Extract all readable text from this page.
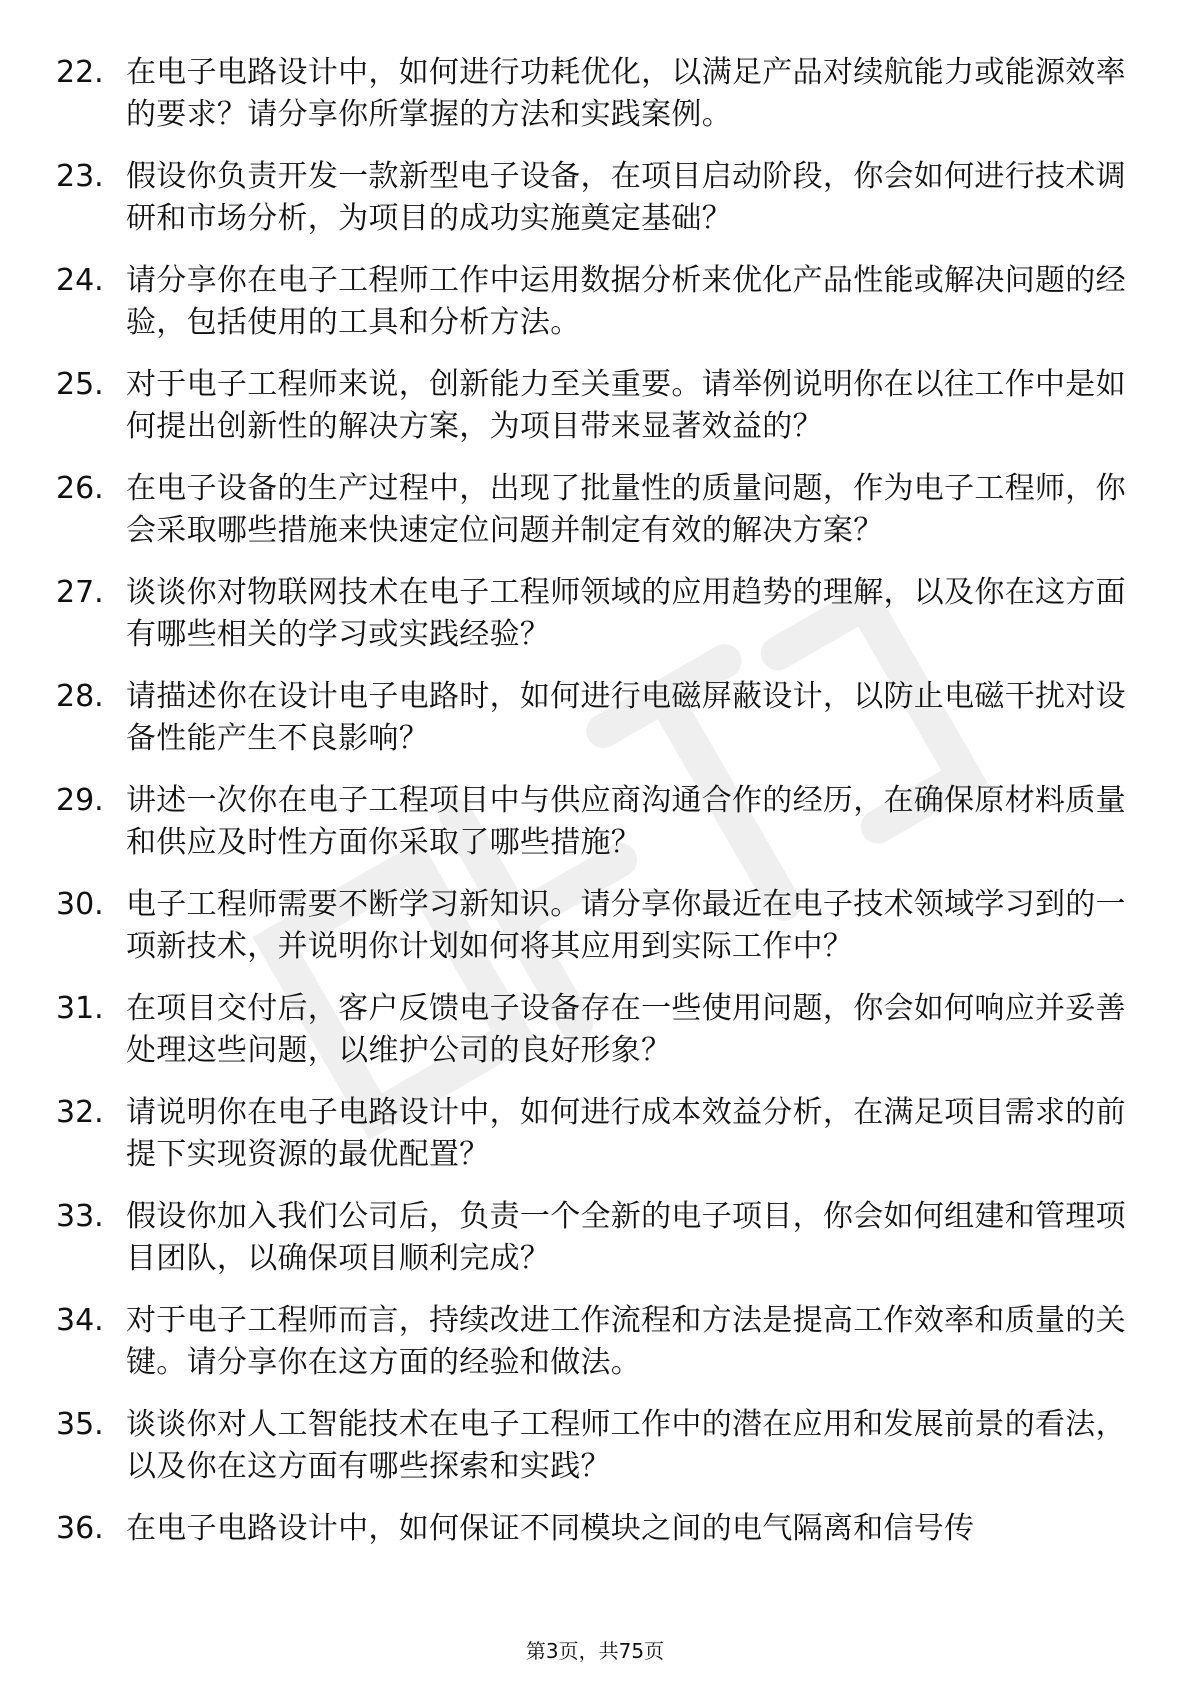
22. 在电子电路设计中，如何进行功耗优化，以满足产品对续航能力或能源效率的要求？请分享你所掌握的方法和实践案例。
23. 假设你负责开发一款新型电子设备，在项目启动阶段，你会如何进行技术调研和市场分析，为项目的成功实施奠定基础？
24. 请分享你在电子工程师工作中运用数据分析来优化产品性能或解决问题的经验，包括使用的工具和分析方法。
25. 对于电子工程师来说，创新能力至关重要。请举例说明你在以往工作中是如何提出创新性的解决方案，为项目带来显著效益的？
26. 在电子设备的生产过程中，出现了批量性的质量问题，作为电子工程师，你会采取哪些措施来快速定位问题并制定有效的解决方案？
27. 谈谈你对物联网技术在电子工程师领域的应用趋势的理解，以及你在这方面有哪些相关的学习或实践经验？
28. 请描述你在设计电子电路时，如何进行电磁屏蔽设计，以防止电磁干扰对设备性能产生不良影响？
29. 讲述一次你在电子工程项目中与供应商沟通合作的经历，在确保原材料质量和供应及时性方面你采取了哪些措施？
30. 电子工程师需要不断学习新知识。请分享你最近在电子技术领域学习到的一项新技术，并说明你计划如何将其应用到实际工作中？
31. 在项目交付后，客户反馈电子设备存在一些使用问题，你会如何响应并妥善处理这些问题，以维护公司的良好形象？
32. 请说明你在电子电路设计中，如何进行成本效益分析，在满足项目需求的前提下实现资源的最优配置？
33. 假设你加入我们公司后，负责一个全新的电子项目，你会如何组建和管理项目团队，以确保项目顺利完成？
34. 对于电子工程师而言，持续改进工作流程和方法是提高工作效率和质量的关键。请分享你在这方面的经验和做法。
35. 谈谈你对人工智能技术在电子工程师工作中的潜在应用和发展前景的看法，以及你在这方面有哪些探索和实践？
36. 在电子电路设计中，如何保证不同模块之间的电气隔离和信号传
第3页，共75页
